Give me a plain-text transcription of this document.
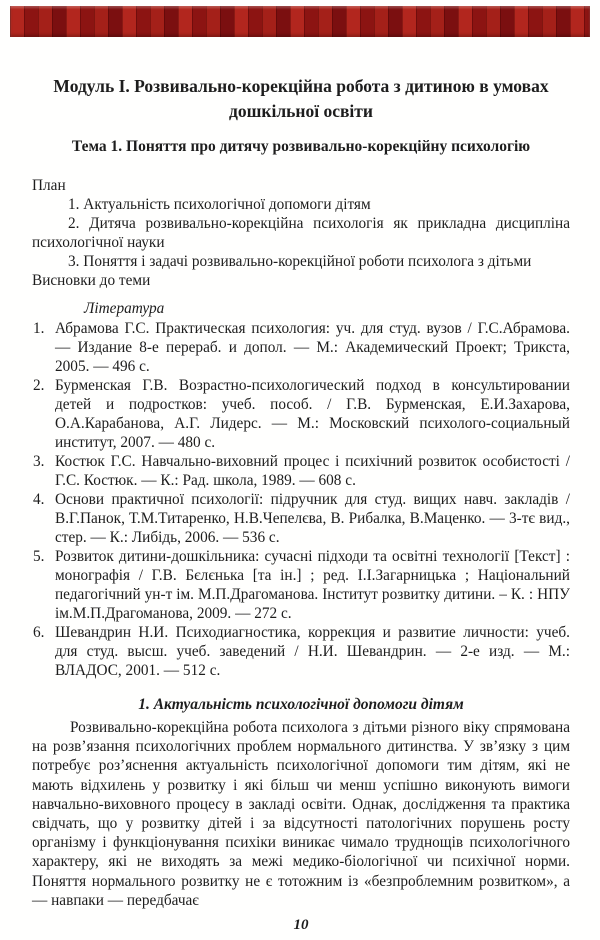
Модуль І. Розвивально-корекційна робота з дитиною в умовах
дошкільної освіти
Тема 1. Поняття про дитячу розвивально-корекційну психологію
План
1. Актуальність психологічної допомоги дітям
2. Дитяча розвивально-корекційна психологія як прикладна дисципліна психологічної науки
3. Поняття і задачі розвивально-корекційної роботи психолога з дітьми
Висновки до теми
Література
1. Абрамова Г.С. Практическая психология: уч. для студ. вузов / Г.С.Абрамова. — Издание 8-е перераб. и допол. — М.: Академический Проект; Трикста, 2005. — 496 с.
2. Бурменская Г.В. Возрастно-психологический подход в консультировании детей и подростков: учеб. пособ. / Г.В. Бурменская, Е.И.Захарова, О.А.Карабанова, А.Г. Лидерс. — М.: Московский психолого-социальный институт, 2007. — 480 с.
3. Костюк Г.С. Навчально-виховний процес і психічний розвиток особистості / Г.С. Костюк. — К.: Рад. школа, 1989. — 608 с.
4. Основи практичної психології: підручник для студ. вищих навч. закладів / В.Г.Панок, Т.М.Титаренко, Н.В.Чепелєва, В. Рибалка, В.Маценко. — 3-тє вид., стер. — К.: Либідь, 2006. — 536 с.
5. Розвиток дитини-дошкільника: сучасні підходи та освітні технології [Текст] : монографія / Г.В. Бєлєнька [та ін.] ; ред. І.І.Загарницька ; Національний педагогічний ун-т ім. М.П.Драгоманова. Інститут розвитку дитини. – К. : НПУ ім.М.П.Драгоманова, 2009. — 272 с.
6. Шевандрин Н.И. Психодиагностика, коррекция и развитие личности: учеб. для студ. высш. учеб. заведений / Н.И. Шевандрин. — 2-е изд. — М.: ВЛАДОС, 2001. — 512 с.
1. Актуальність психологічної допомоги дітям

Розвивально-корекційна робота психолога з дітьми різного віку спрямована на розв’язання психологічних проблем нормального дитинства. У зв’язку з цим потребує роз’яснення актуальність психологічної допомоги тим дітям, які не мають відхилень у розвитку і які більш чи менш успішно виконують вимоги навчально-виховного процесу в закладі освіти. Однак, дослідження та практика свідчать, що у розвитку дітей і за відсутності патологічних порушень росту організму і функціонування психіки виникає чимало труднощів психологічного характеру, які не виходять за межі медико-біологічної чи психічної норми. Поняття нормального розвитку не є тотожним із «безпроблемним розвитком», а — навпаки — передбачає

10
